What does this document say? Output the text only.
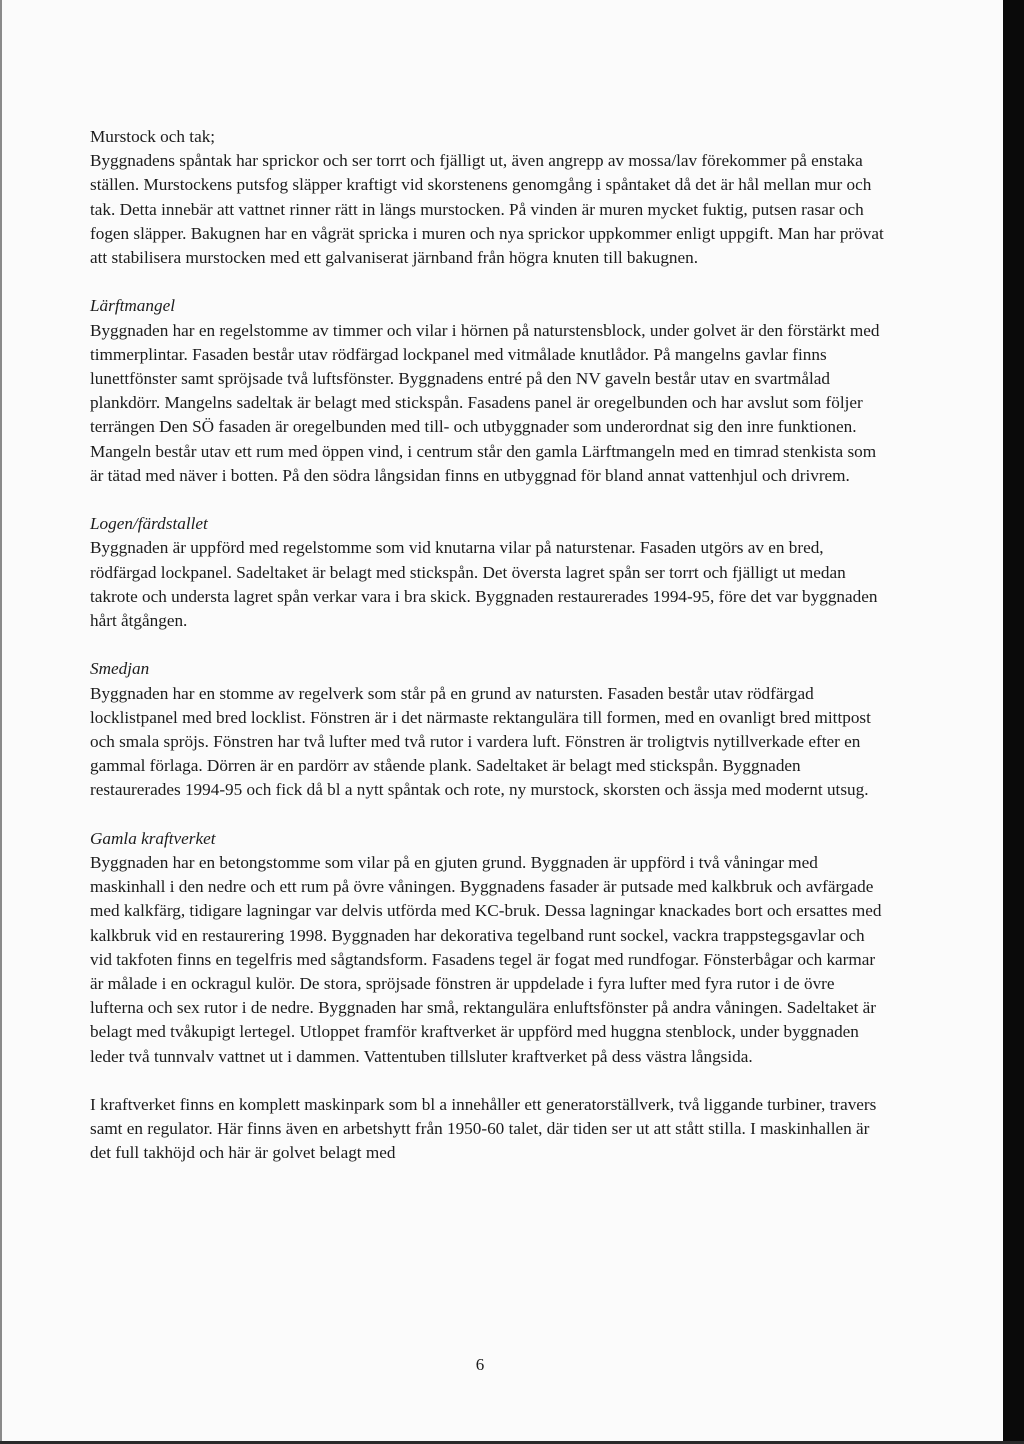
Murstock och tak;

Byggnadens spåntak har sprickor och ser torrt och fjälligt ut, även angrepp av mossa/lav förekommer på enstaka ställen. Murstockens putsfog släpper kraftigt vid skorstenens genomgång i spåntaket då det är hål mellan mur och tak. Detta innebär att vattnet rinner rätt in längs murstocken. På vinden är muren mycket fuktig, putsen rasar och fogen släpper. Bakugnen har en vågrät spricka i muren och nya sprickor uppkommer enligt uppgift. Man har prövat att stabilisera murstocken med ett galvaniserat järnband från högra knuten till bakugnen.

Lärftmangel

Byggnaden har en regelstomme av timmer och vilar i hörnen på naturstensblock, under golvet är den förstärkt med timmerplintar. Fasaden består utav rödfärgad lockpanel med vitmålade knutlådor. På mangelns gavlar finns lunettfönster samt spröjsade två luftsfönster. Byggnadens entré på den NV gaveln består utav en svartmålad plankdörr. Mangelns sadeltak är belagt med stickspån. Fasadens panel är oregelbunden och har avslut som följer terrängen Den SÖ fasaden är oregelbunden med till- och utbyggnader som underordnat sig den inre funktionen. Mangeln består utav ett rum med öppen vind, i centrum står den gamla Lärftmangeln med en timrad stenkista som är tätad med näver i botten. På den södra långsidan finns en utbyggnad för bland annat vattenhjul och drivrem.

Logen/färdstallet

Byggnaden är uppförd med regelstomme som vid knutarna vilar på naturstenar. Fasaden utgörs av en bred, rödfärgad lockpanel. Sadeltaket är belagt med stickspån. Det översta lagret spån ser torrt och fjälligt ut medan takrote och understa lagret spån verkar vara i bra skick. Byggnaden restaurerades 1994-95, före det var byggnaden hårt åtgången.

Smedjan

Byggnaden har en stomme av regelverk som står på en grund av natursten. Fasaden består utav rödfärgad locklistpanel med bred locklist. Fönstren är i det närmaste rektangulära till formen, med en ovanligt bred mittpost och smala spröjs. Fönstren har två lufter med två rutor i vardera luft. Fönstren är troligtvis nytillverkade efter en gammal förlaga. Dörren är en pardörr av stående plank. Sadeltaket är belagt med stickspån. Byggnaden restaurerades 1994-95 och fick då bl a nytt spåntak och rote, ny murstock, skorsten och ässja med modernt utsug.

Gamla kraftverket

Byggnaden har en betongstomme som vilar på en gjuten grund. Byggnaden är uppförd i två våningar med maskinhall i den nedre och ett rum på övre våningen. Byggnadens fasader är putsade med kalkbruk och avfärgade med kalkfärg, tidigare lagningar var delvis utförda med KC-bruk. Dessa lagningar knackades bort och ersattes med kalkbruk vid en restaurering 1998. Byggnaden har dekorativa tegelband runt sockel, vackra trappstegsgavlar och vid takfoten finns en tegelfris med sågtandsform. Fasadens tegel är fogat med rundfogar. Fönsterbågar och karmar är målade i en ockragul kulör. De stora, spröjsade fönstren är uppdelade i fyra lufter med fyra rutor i de övre lufterna och sex rutor i de nedre. Byggnaden har små, rektangulära enluftsfönster på andra våningen. Sadeltaket är belagt med tvåkupigt lertegel. Utloppet framför kraftverket är uppförd med huggna stenblock, under byggnaden leder två tunnvalv vattnet ut i dammen. Vattentuben tillsluter kraftverket på dess västra långsida.

I kraftverket finns en komplett maskinpark som bl a innehåller ett generatorställverk, två liggande turbiner, travers samt en regulator. Här finns även en arbetshytt från 1950-60 talet, där tiden ser ut att stått stilla. I maskinhallen är det full takhöjd och här är golvet belagt med

6
